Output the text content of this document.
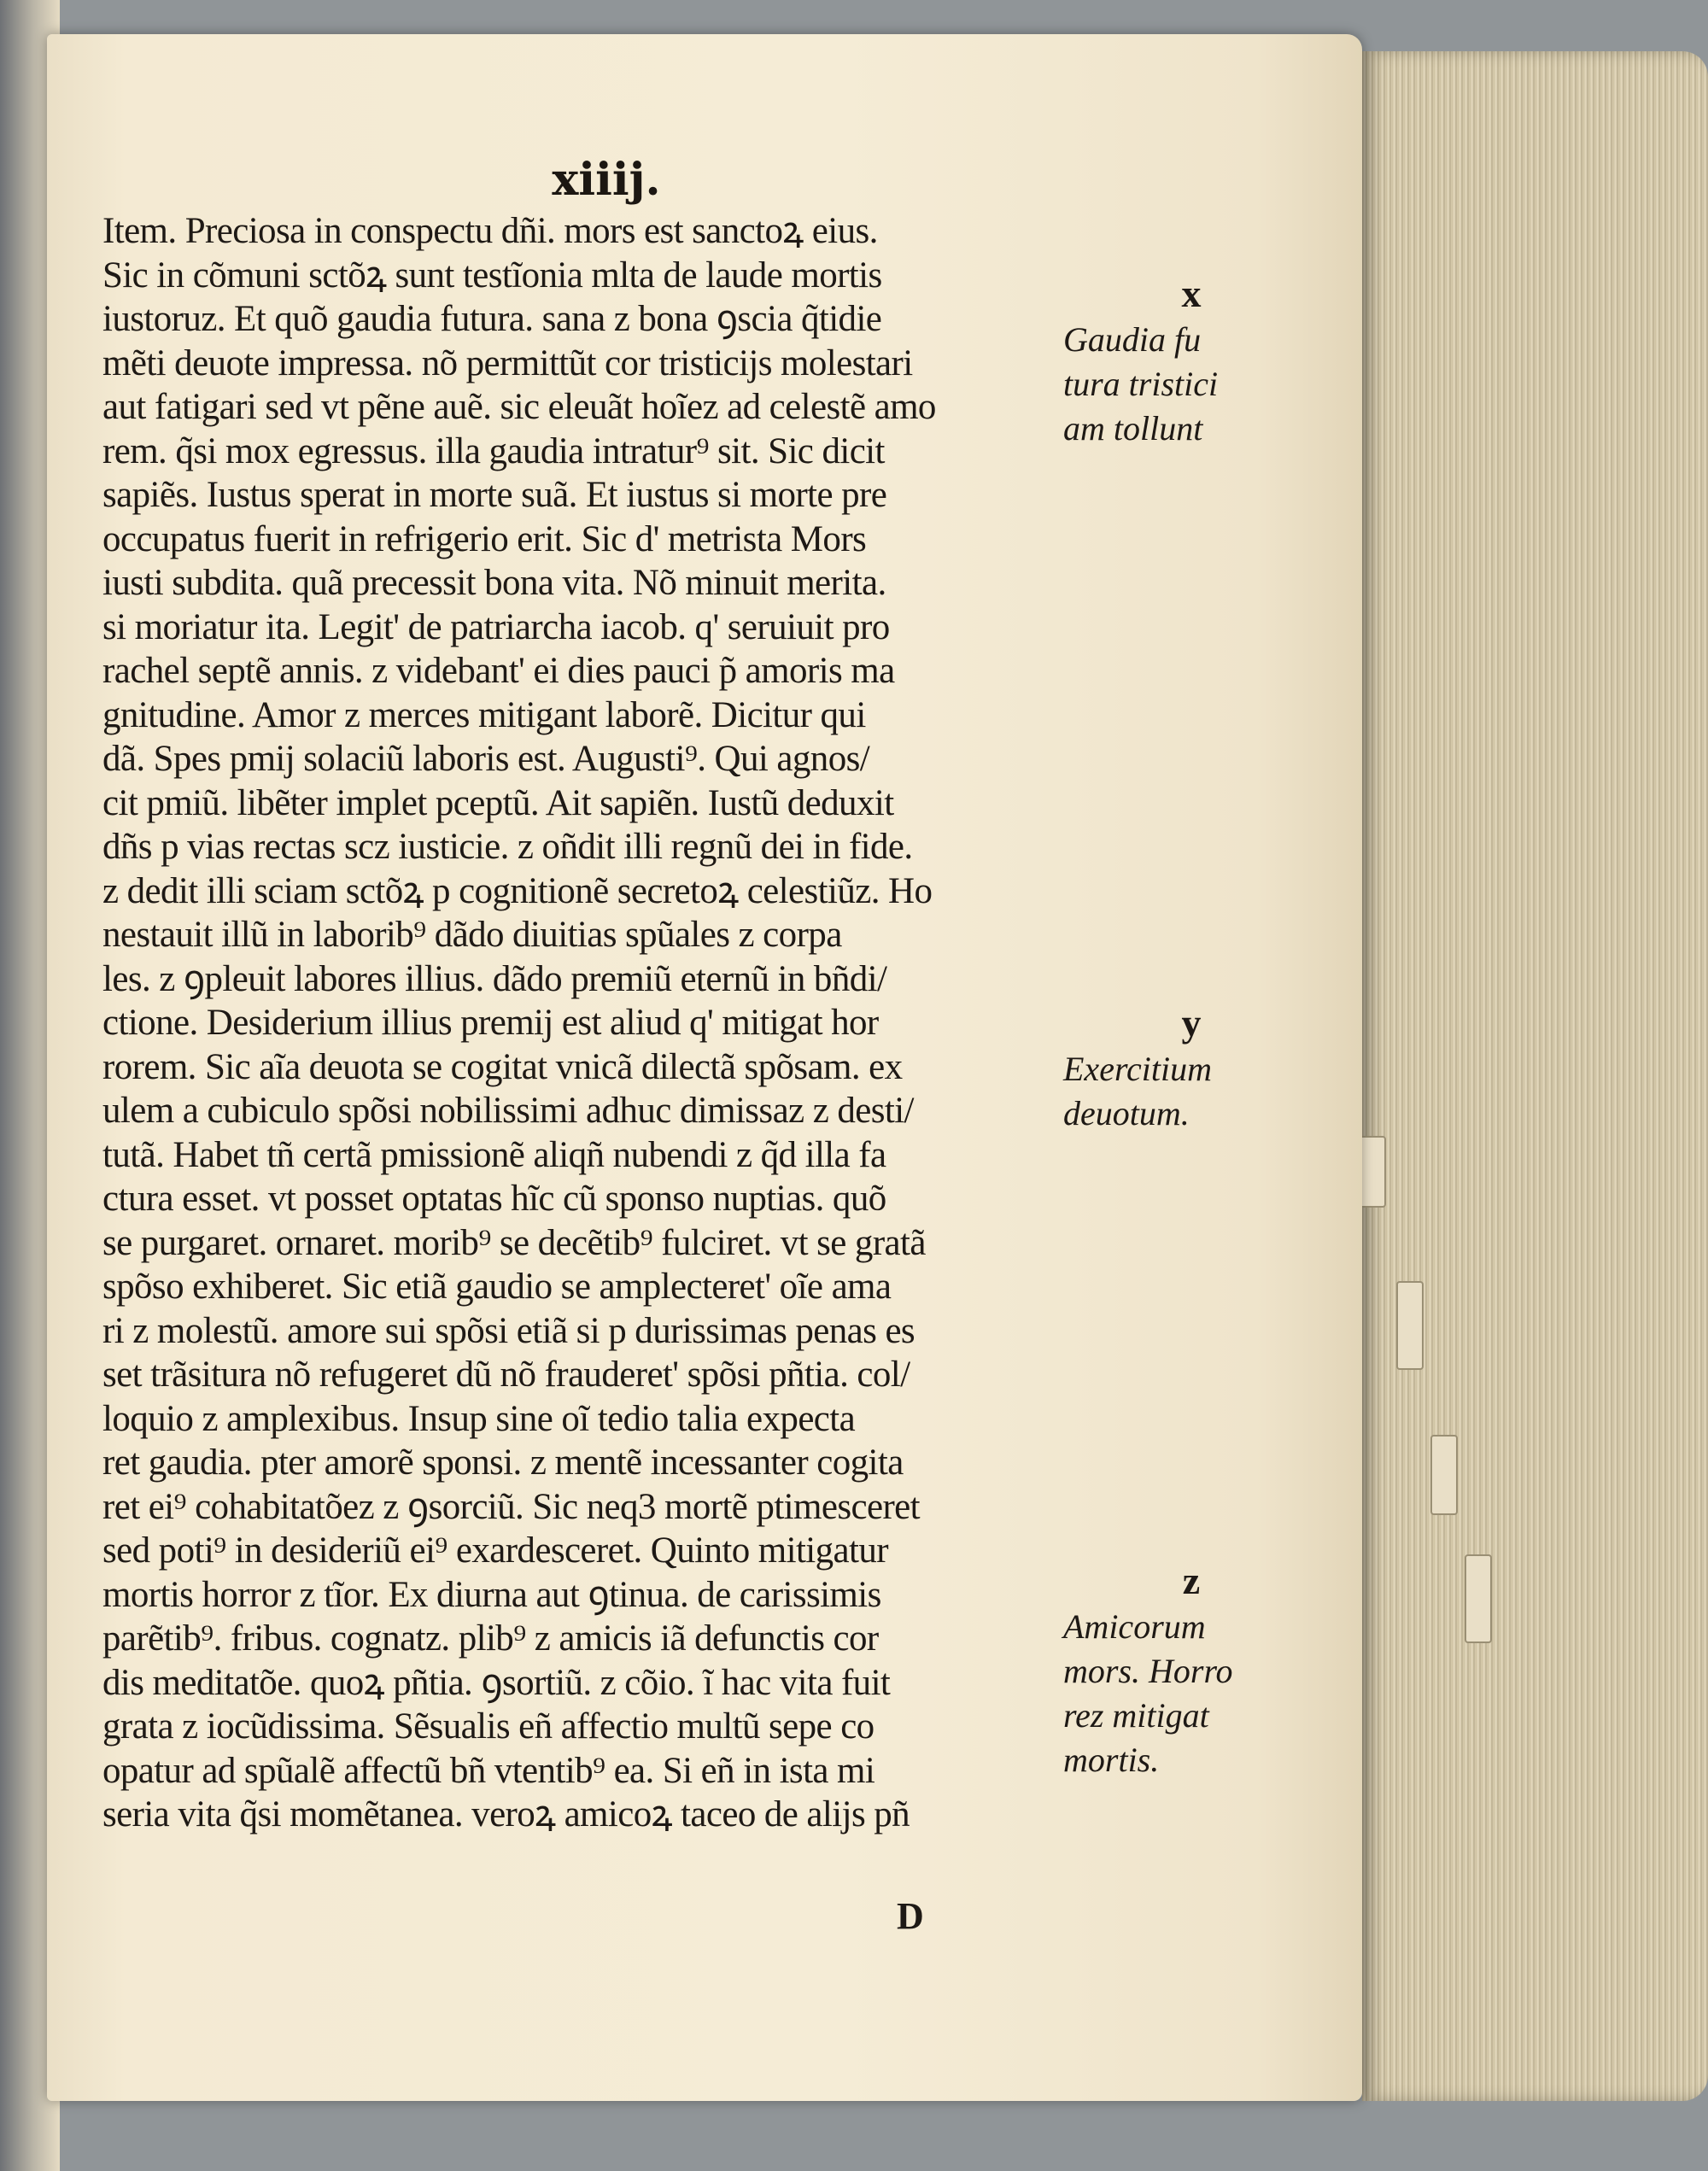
xiiij.
Item. Preciosa in conspectu dñi. mors est sanctoꝝ eius.
Sic in cõmuni sctõꝝ sunt testĩonia mlta de laude mortis
iustoruz. Et quõ gaudia futura. sana z bona ꝯscia q̃tidie
mẽti deuote impressa. nõ permittũt cor tristicijs molestari
aut fatigari sed vt pẽne auẽ. sic eleuãt hoĩez ad celestẽ amo
rem. q̃si mox egressus. illa gaudia intratur⁹ sit. Sic dicit
sapiẽs. Iustus sperat in morte suã. Et iustus si morte pre
occupatus fuerit in refrigerio erit. Sic d' metrista Mors
iusti subdita. quã precessit bona vita. Nõ minuit merita.
si moriatur ita. Legit' de patriarcha iacob. q' seruiuit pro
rachel septẽ annis. z videbant' ei dies pauci p̃ amoris ma
gnitudine. Amor z merces mitigant laborẽ. Dicitur qui
dã. Spes pmij solaciũ laboris est. Augusti⁹. Qui agnos/
cit pmiũ. libẽter implet pceptũ. Ait sapiẽn. Iustũ deduxit
dñs p vias rectas scz iusticie. z oñdit illi regnũ dei in fide.
z dedit illi sciam sctõꝝ p cognitionẽ secretoꝝ celestiũz. Ho
nestauit illũ in laborib⁹ dãdo diuitias spũales z corpa
les. z ꝯpleuit labores illius. dãdo premiũ eternũ in bñdi/
ctione. Desiderium illius premij est aliud q' mitigat hor
rorem. Sic aĩa deuota se cogitat vnicã dilectã spõsam. ex
ulem a cubiculo spõsi nobilissimi adhuc dimissaz z desti/
tutã. Habet tñ certã pmissionẽ aliqñ nubendi z q̃d illa fa
ctura esset. vt posset optatas hĩc cũ sponso nuptias. quõ
se purgaret. ornaret. morib⁹ se decẽtib⁹ fulciret. vt se gratã
spõso exhiberet. Sic etiã gaudio se amplecteret' oĩe ama
ri z molestũ. amore sui spõsi etiã si p durissimas penas es
set trãsitura nõ refugeret dũ nõ frauderet' spõsi pñtia. col/
loquio z amplexibus. Insup sine oĩ tedio talia expecta
ret gaudia. pter amorẽ sponsi. z mentẽ incessanter cogita
ret ei⁹ cohabitatõez z ꝯsorciũ. Sic neq3 mortẽ ptimesceret
sed poti⁹ in desideriũ ei⁹ exardesceret. Quinto mitigatur
mortis horror z tĩor. Ex diurna aut ꝯtinua. de carissimis
parẽtib⁹. fribus. cognatz. plib⁹ z amicis iã defunctis cor
dis meditatõe. quoꝝ pñtia. ꝯsortiũ. z cõio. ĩ hac vita fuit
grata z iocũdissima. Sẽsualis eñ affectio multũ sepe co
opatur ad spũalẽ affectũ bñ vtentib⁹ ea. Si eñ in ista mi
seria vita q̃si momẽtanea. veroꝝ amicoꝝ taceo de alijs pñ
D
x
Gaudia fu
tura tristici
am tollunt
y
Exercitium
deuotum.
z
Amicorum
mors. Horro
rez mitigat
mortis.
